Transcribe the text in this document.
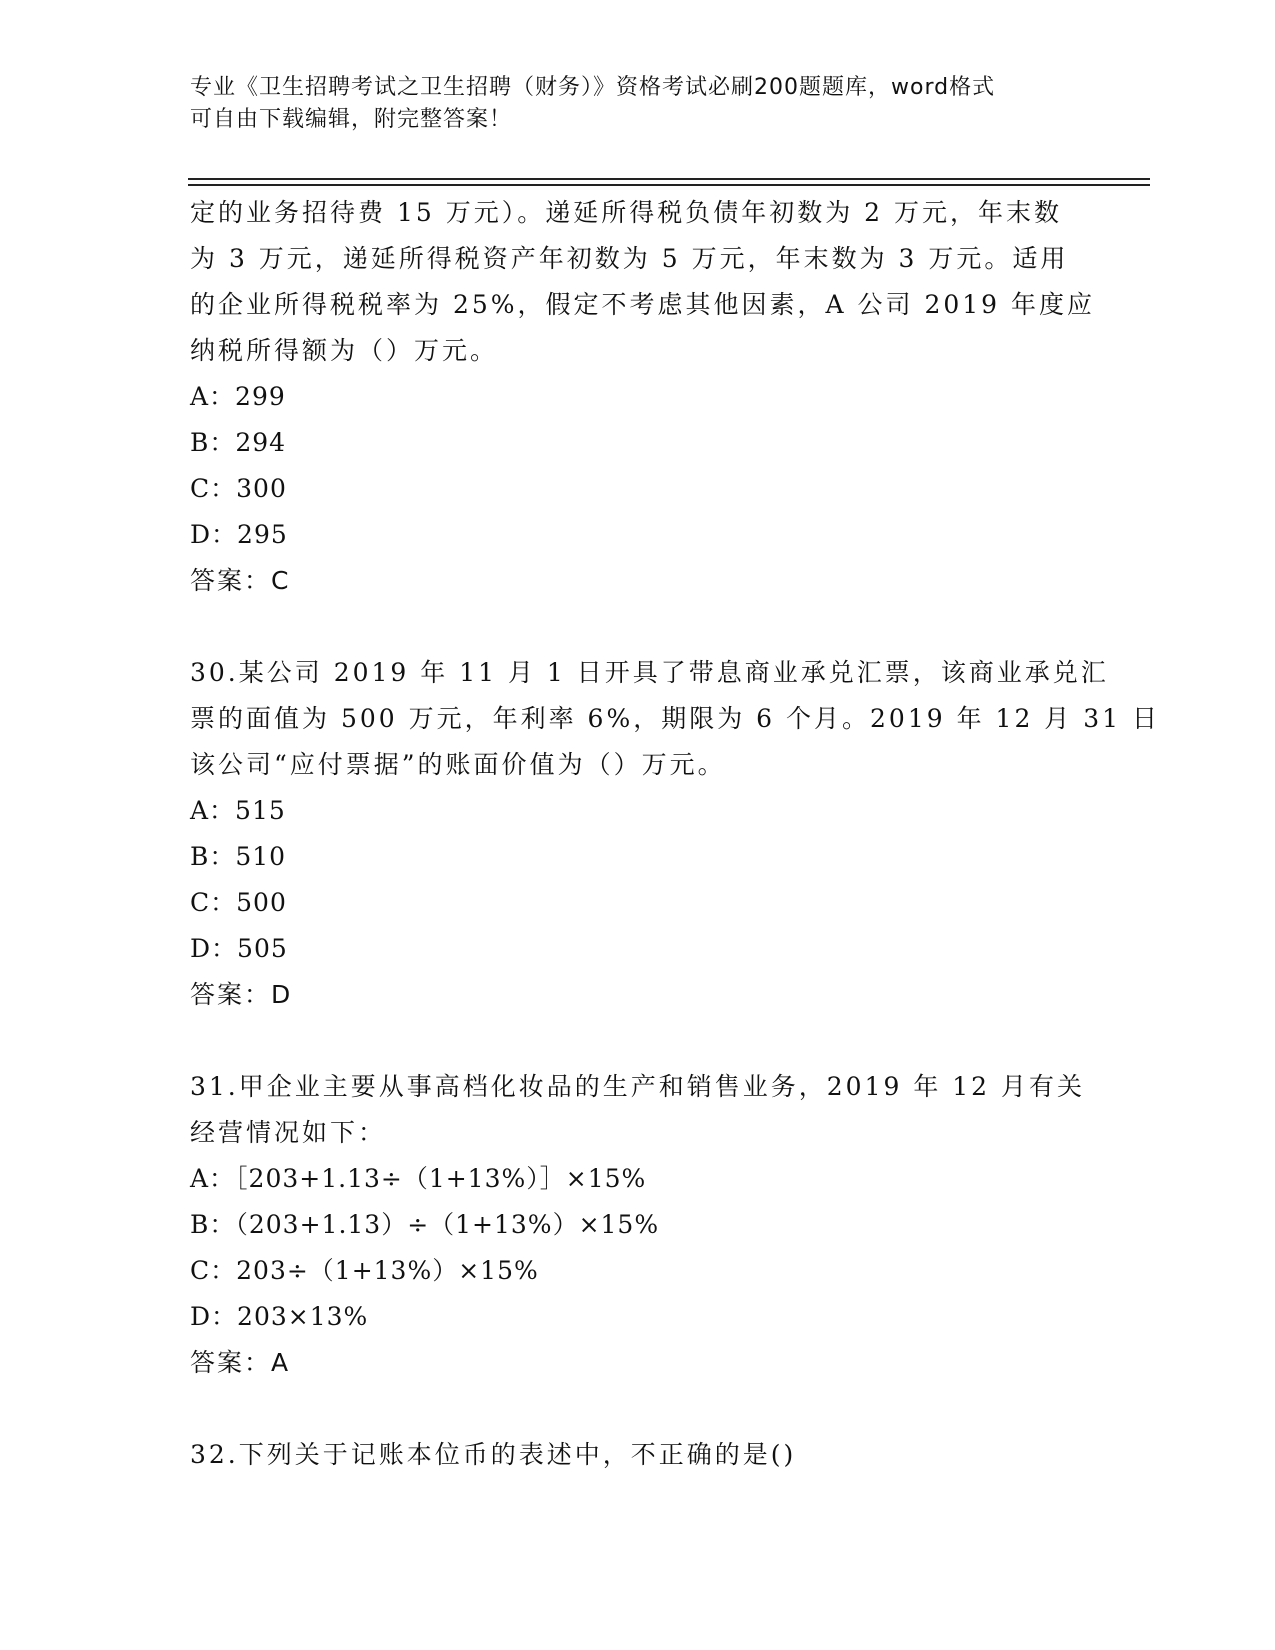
专业《卫生招聘考试之卫生招聘（财务）》资格考试必刷200题题库，word格式
可自由下载编辑，附完整答案！
定的业务招待费 15 万元）。递延所得税负债年初数为 2 万元，年末数
为 3 万元，递延所得税资产年初数为 5 万元，年末数为 3 万元。适用
的企业所得税税率为 25%，假定不考虑其他因素，A 公司 2019 年度应
纳税所得额为（）万元。
A：299
B：294
C：300
D：295
答案：C
30.某公司 2019 年 11 月 1 日开具了带息商业承兑汇票，该商业承兑汇
票的面值为 500 万元，年利率 6%，期限为 6 个月。2019 年 12 月 31 日
该公司“应付票据”的账面价值为（）万元。
A：515
B：510
C：500
D：505
答案：D
31.甲企业主要从事高档化妆品的生产和销售业务，2019 年 12 月有关
经营情况如下：
A：［203+1.13÷（1+13%）］×15%
B：（203+1.13）÷（1+13%）×15%
C：203÷（1+13%）×15%
D：203×13%
答案：A
32.下列关于记账本位币的表述中，不正确的是()
